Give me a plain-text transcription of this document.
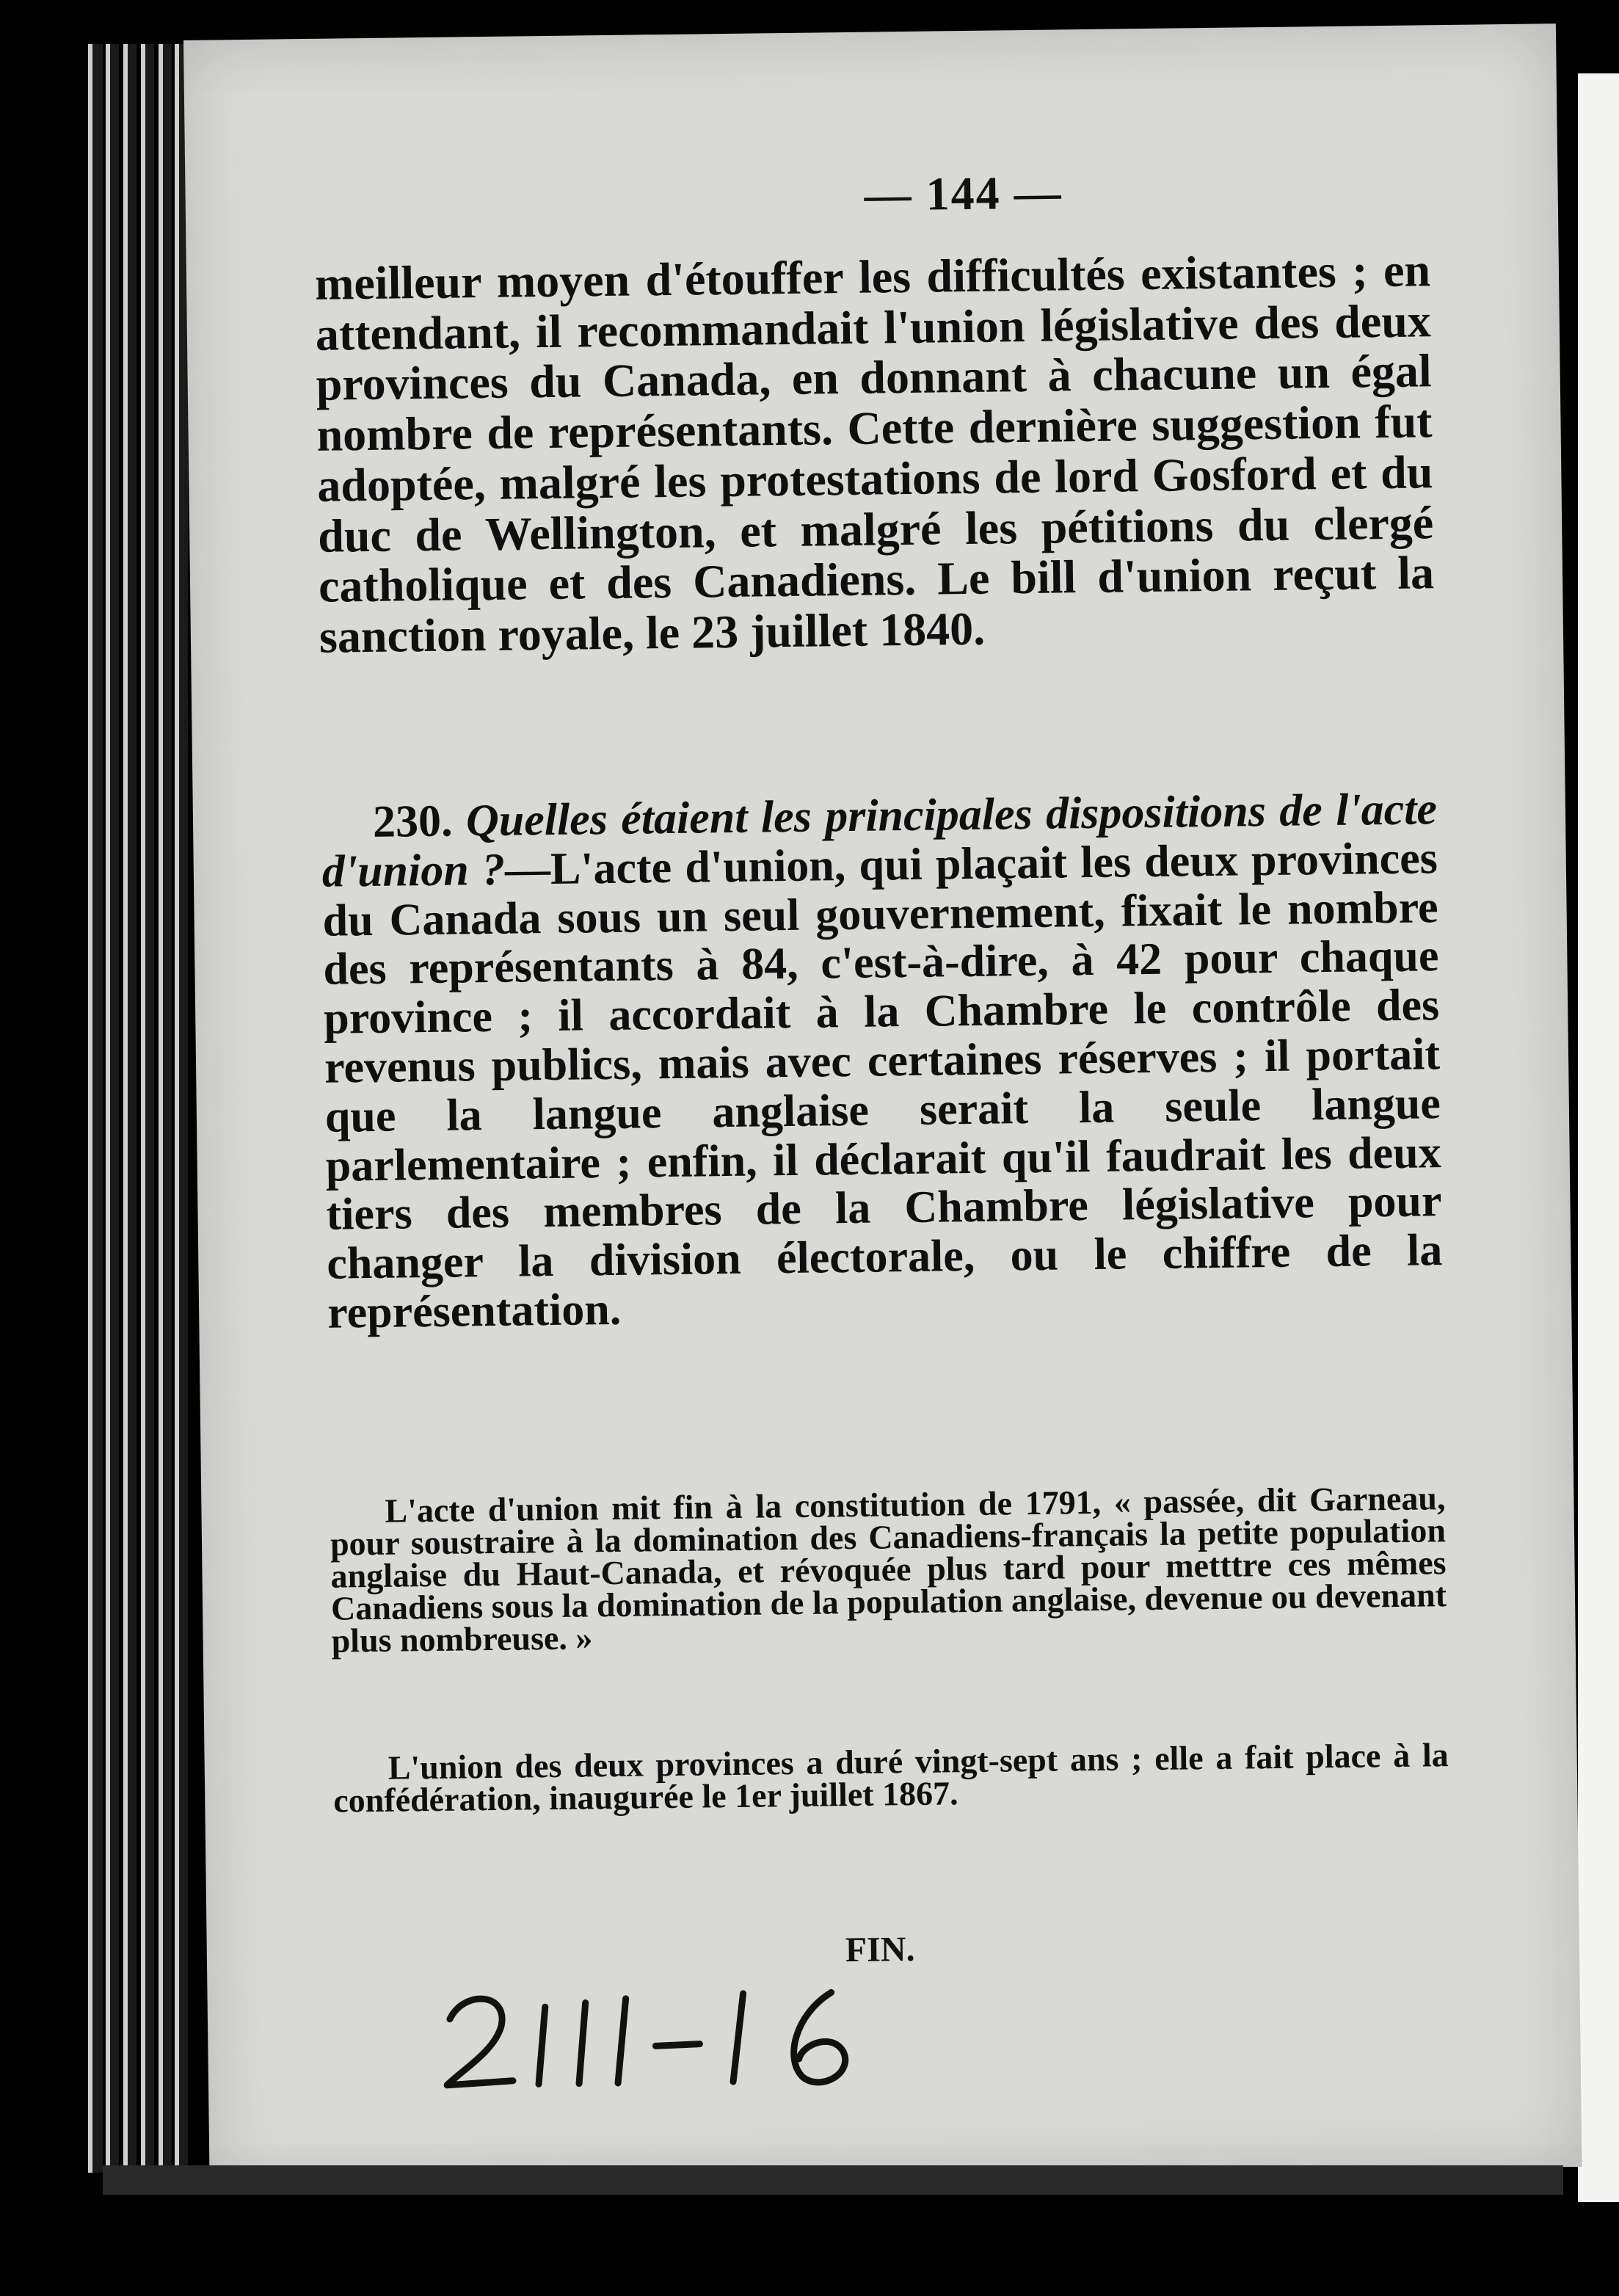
— 144 —
meilleur moyen d'étouffer les difficultés existantes ; en attendant, il recommandait l'union législative des deux provinces du Canada, en donnant à chacune un égal nombre de représentants. Cette dernière suggestion fut adoptée, malgré les protestations de lord Gosford et du duc de Wellington, et malgré les pétitions du clergé catholique et des Canadiens. Le bill d'union reçut la sanction royale, le 23 juillet 1840.
230. Quelles étaient les principales dispositions de l'acte d'union ?—L'acte d'union, qui plaçait les deux provinces du Canada sous un seul gouvernement, fixait le nombre des représentants à 84, c'est-à-dire, à 42 pour chaque province ; il accordait à la Chambre le contrôle des revenus publics, mais avec certaines réserves ; il portait que la langue anglaise serait la seule langue parlementaire ; enfin, il déclarait qu'il faudrait les deux tiers des membres de la Chambre législative pour changer la division électorale, ou le chiffre de la représentation.
L'acte d'union mit fin à la constitution de 1791, « passée, dit Garneau, pour soustraire à la domination des Canadiens-français la petite population anglaise du Haut-Canada, et révoquée plus tard pour metttre ces mêmes Canadiens sous la domination de la population anglaise, devenue ou devenant plus nombreuse. »
L'union des deux provinces a duré vingt-sept ans ; elle a fait place à la confédération, inaugurée le 1er juillet 1867.
FIN.
